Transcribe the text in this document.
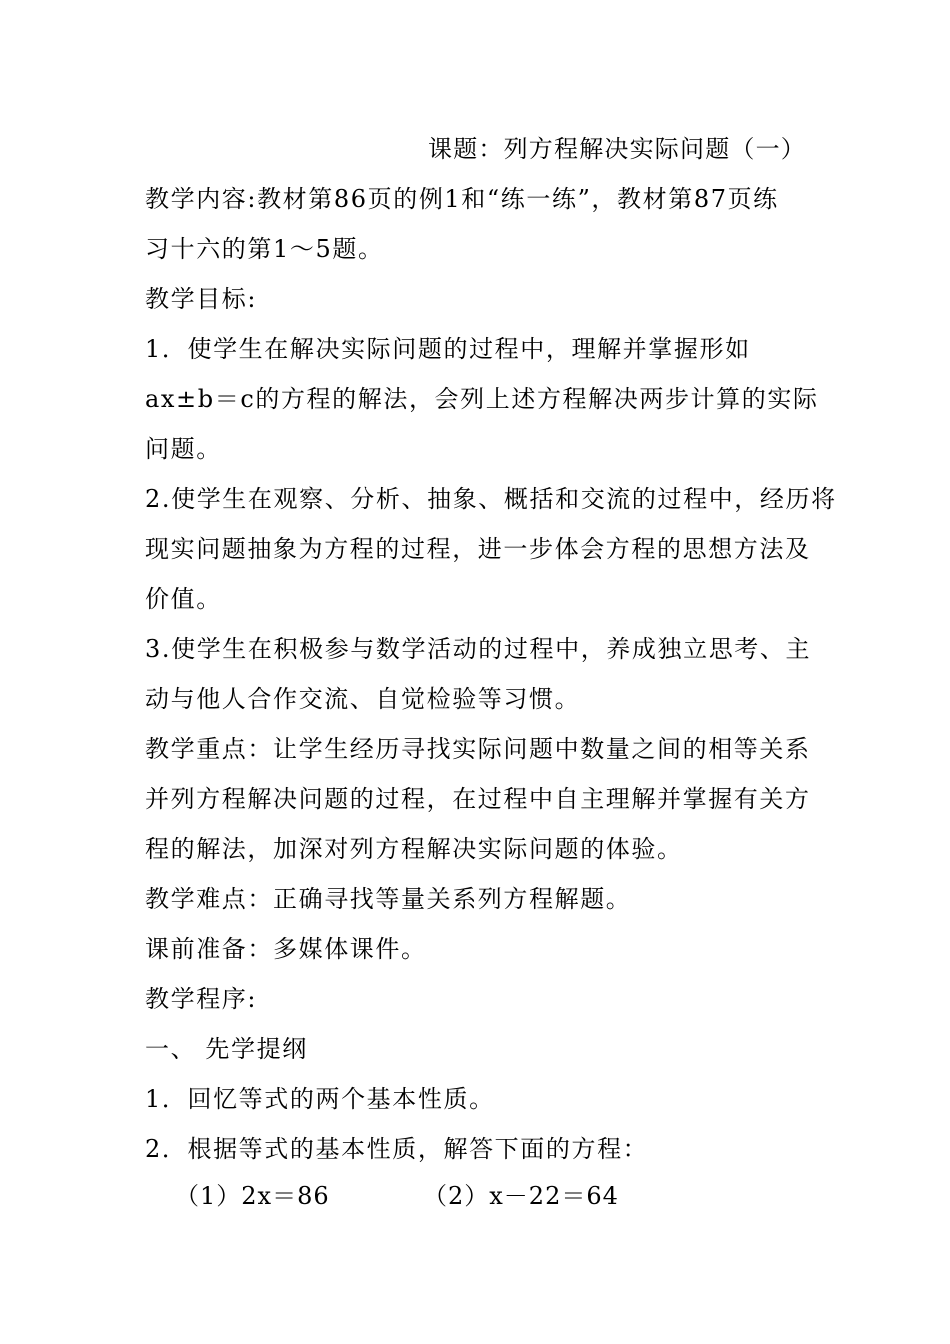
课题：列方程解决实际问题（一）
教学内容:教材第86页的例1和“练一练”，教材第87页练
习十六的第1～5题。
教学目标:
1．使学生在解决实际问题的过程中，理解并掌握形如
ax±b＝c的方程的解法，会列上述方程解决两步计算的实际
问题。
2.使学生在观察、分析、抽象、概括和交流的过程中，经历将
现实问题抽象为方程的过程，进一步体会方程的思想方法及
价值。
3.使学生在积极参与数学活动的过程中，养成独立思考、主
动与他人合作交流、自觉检验等习惯。
教学重点：让学生经历寻找实际问题中数量之间的相等关系
并列方程解决问题的过程，在过程中自主理解并掌握有关方
程的解法，加深对列方程解决实际问题的体验。
教学难点：正确寻找等量关系列方程解题。
课前准备：多媒体课件。
教学程序:
一、 先学提纲
1．回忆等式的两个基本性质。
2．根据等式的基本性质，解答下面的方程：
（1）2x＝86	（2）x－22＝64
